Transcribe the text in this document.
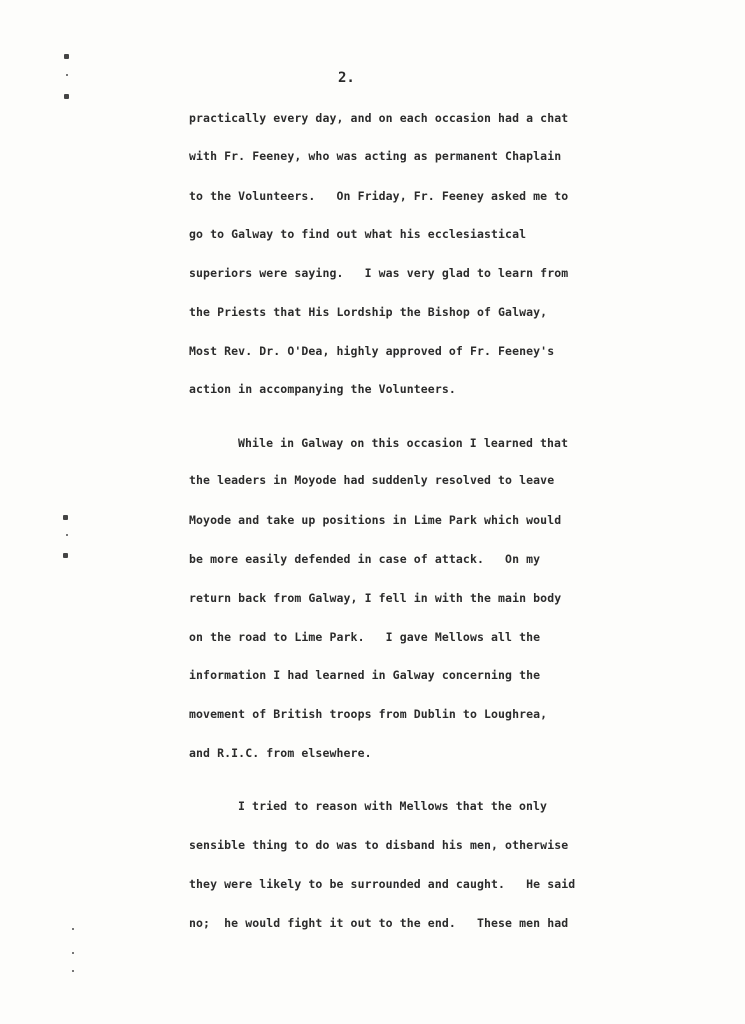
2.
practically every day, and on each occasion had a chat
with Fr. Feeney, who was acting as permanent Chaplain
to the Volunteers.   On Friday, Fr. Feeney asked me to
go to Galway to find out what his ecclesiastical
superiors were saying.   I was very glad to learn from
the Priests that His Lordship the Bishop of Galway,
Most Rev. Dr. O'Dea, highly approved of Fr. Feeney's
action in accompanying the Volunteers.
While in Galway on this occasion I learned that
the leaders in Moyode had suddenly resolved to leave
Moyode and take up positions in Lime Park which would
be more easily defended in case of attack.   On my
return back from Galway, I fell in with the main body
on the road to Lime Park.   I gave Mellows all the
information I had learned in Galway concerning the
movement of British troops from Dublin to Loughrea,
and R.I.C. from elsewhere.
I tried to reason with Mellows that the only
sensible thing to do was to disband his men, otherwise
they were likely to be surrounded and caught.   He said
no;  he would fight it out to the end.   These men had
